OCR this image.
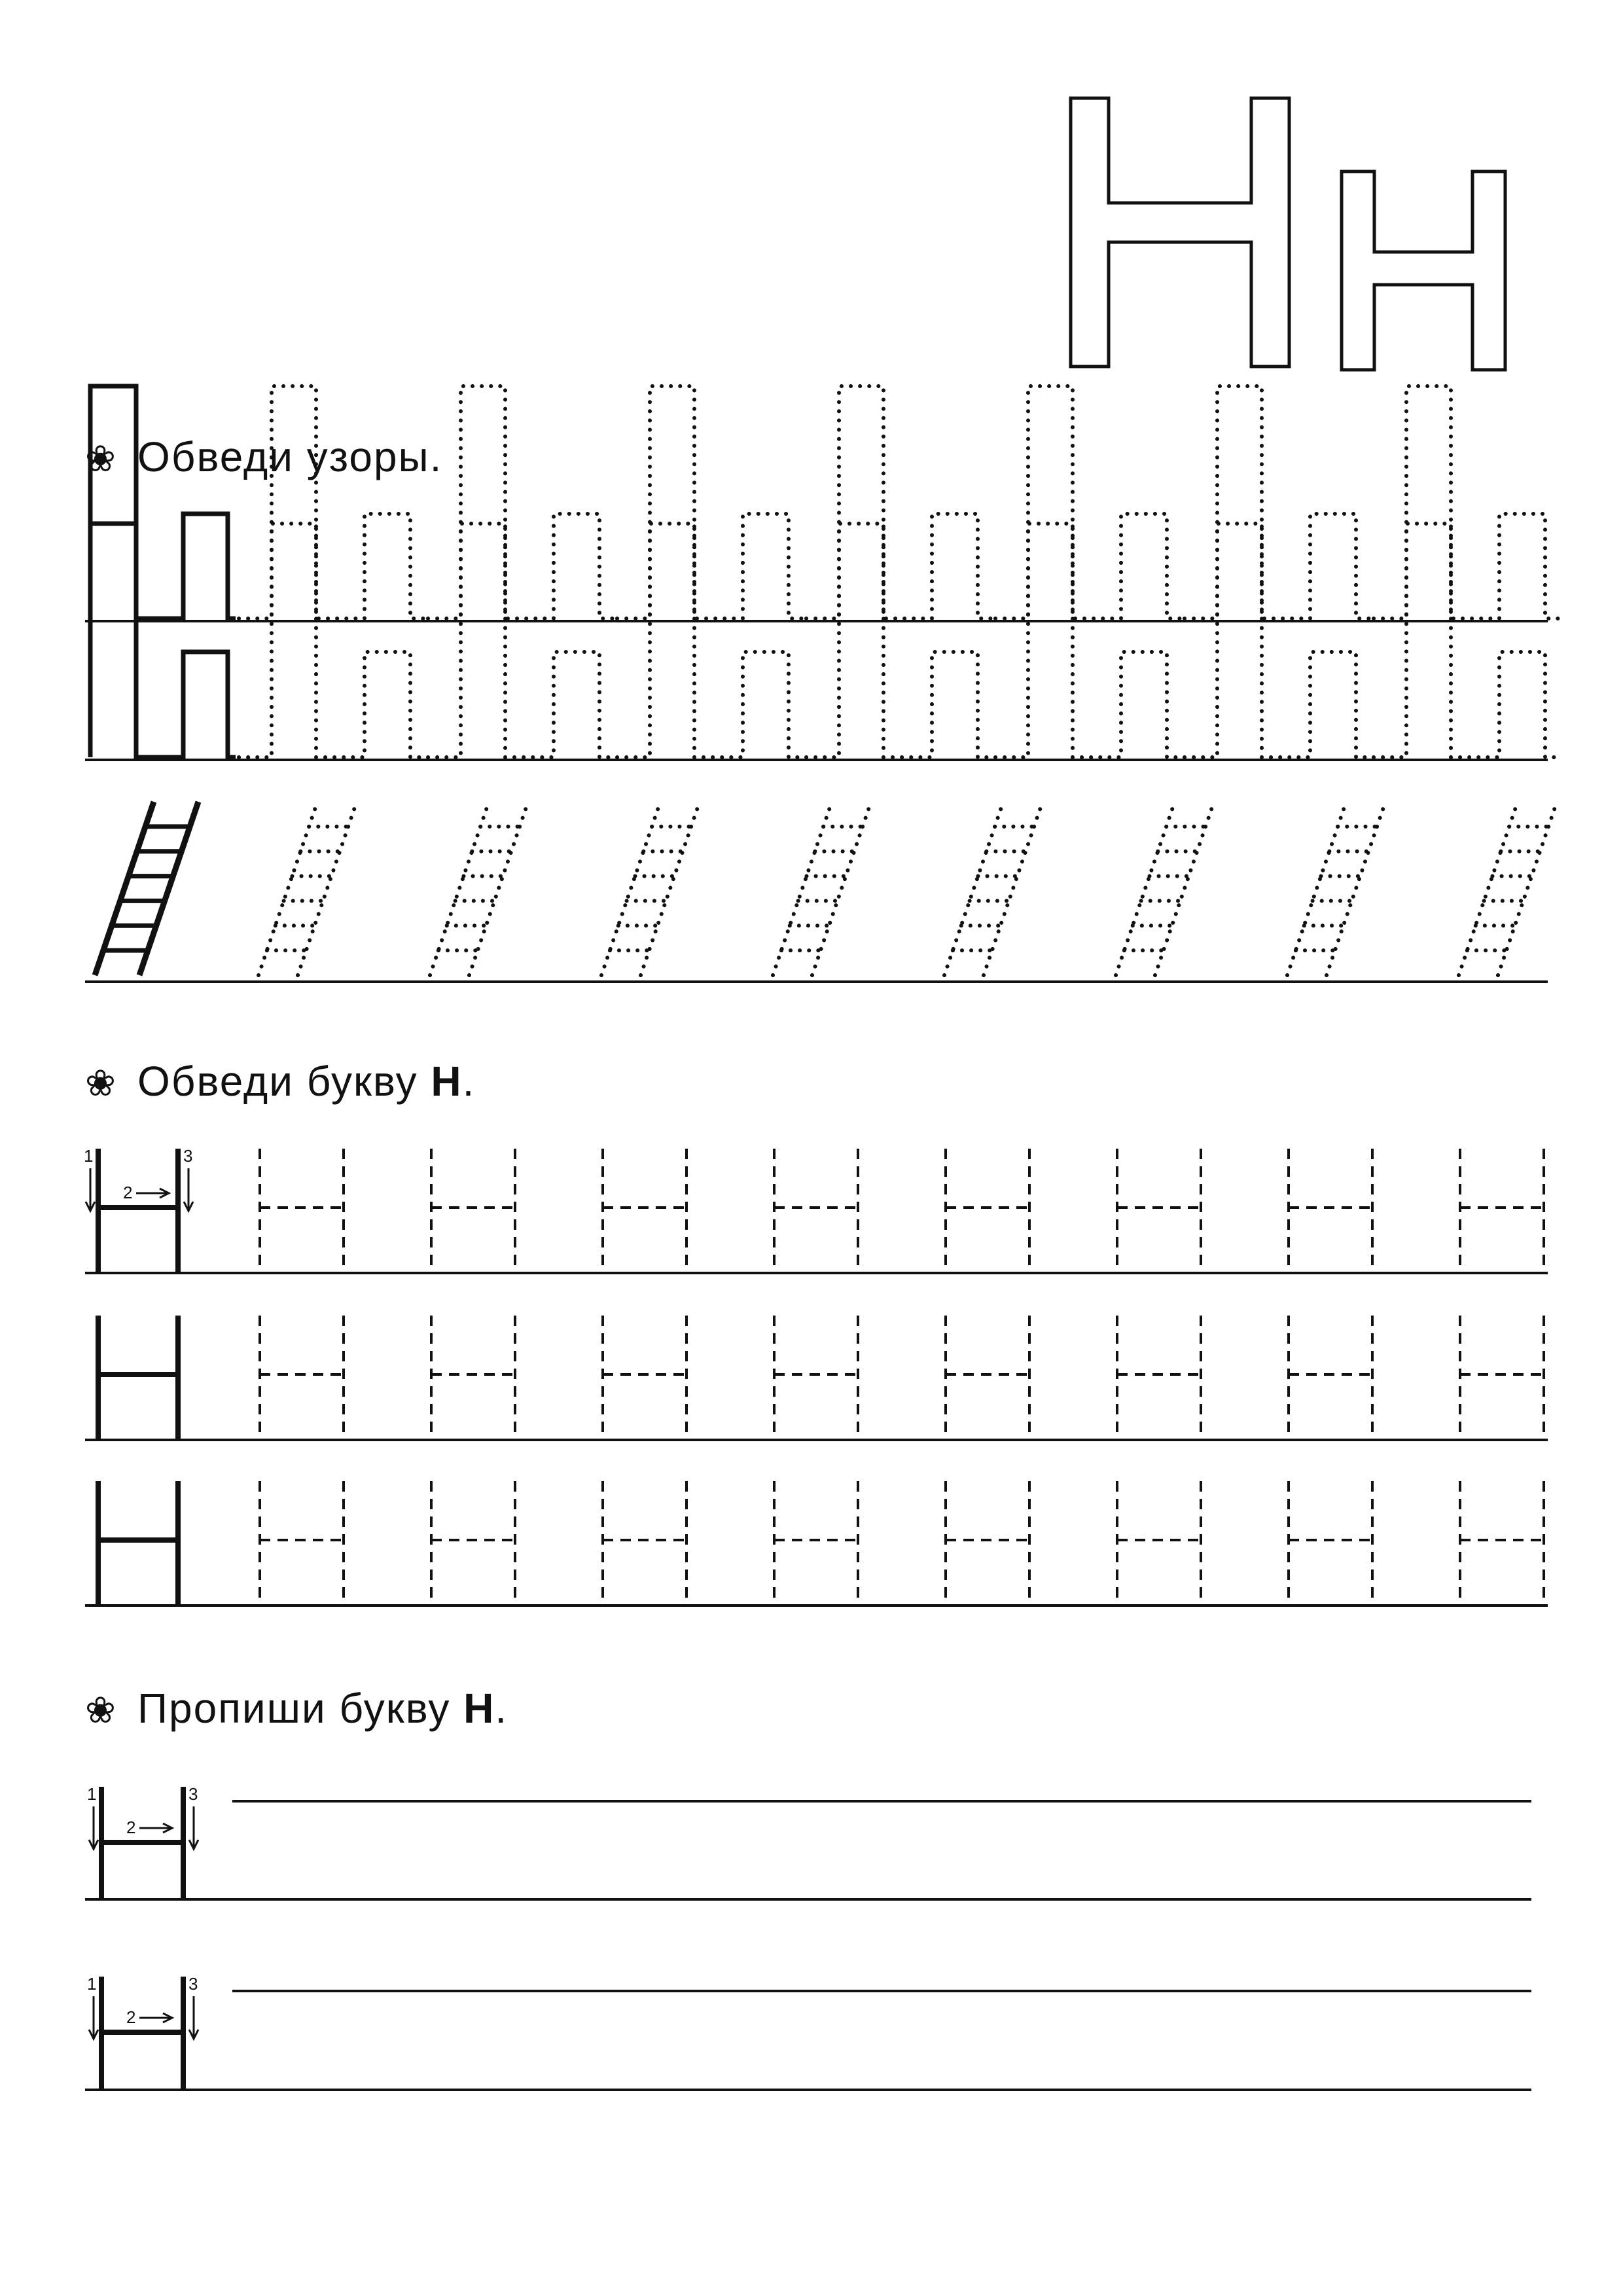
1
2
3
1
2
3
1
2
3
❀ Обведи узоры.
❀ Обведи букву Н.
❀ Пропиши букву Н.
